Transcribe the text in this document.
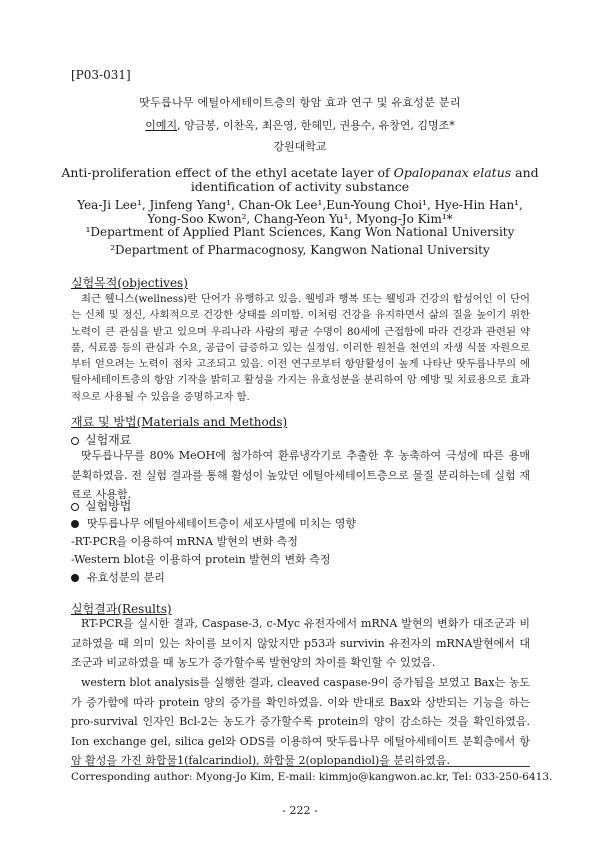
[P03-031]
땃두릅나무 에틸아세테이트층의 항암 효과 연구 및 유효성분 분리
이예지, 양금봉, 이찬옥, 최은영, 한혜민, 권용수, 유창연, 김명조*
강원대학교
Anti-proliferation effect of the ethyl acetate layer of Opalopanax elatus and
identification of activity substance
Yea-Ji Lee¹, Jinfeng Yang¹, Chan-Ok Lee¹,Eun-Young Choi¹, Hye-Hin Han¹,
Yong-Soo Kwon², Chang-Yeon Yu¹, Myong-Jo Kim¹*
¹Department of Applied Plant Sciences, Kang Won National University
²Department of Pharmacognosy, Kangwon National University
실험목적(objectives)
최근 웰니스(wellness)란 단어가 유행하고 있음. 웰빙과 행복 또는 웰빙과 건강의 합성어인 이 단어는 신체 및 정신, 사회적으로 건강한 상태를 의미함. 이처럼 건강을 유지하면서 삶의 질을 높이기 위한 노력이 큰 관심을 받고 있으며 우리나라 사람의 평균 수명이 80세에 근접함에 따라 건강과 관련된 약품, 식료품 등의 관심과 수요, 공급이 급증하고 있는 실정임. 이러한 원천을 천연의 자생 식물 자원으로부터 얻으려는 노력이 점차 고조되고 있음. 이전 연구로부터 항암활성이 높게 나타난 땃두릅나무의 에틸아세테이트층의 항암 기작을 밝히고 활성을 가지는 유효성분을 분리하여 암 예방 및 치료용으로 효과적으로 사용될 수 있음을 증명하고자 함.
재료 및 방법(Materials and Methods)
실험재료
땃두릅나무를 80% MeOH에 첨가하여 환류냉각기로 추출한 후 농축하여 극성에 따른 용매 분획하였음. 전 실험 결과를 통해 활성이 높았던 에틸아세테이트층으로 물질 분리하는데 실험 재료로 사용함.
실험방법
땃두릅나무 에틸아세테이트층이 세포사멸에 미치는 영향
-RT-PCR을 이용하여 mRNA 발현의 변화 측정
-Western blot을 이용하여 protein 발현의 변화 측정
유효성분의 분리
실험결과(Results)
RT-PCR을 실시한 결과, Caspase-3, c-Myc 유전자에서 mRNA 발현의 변화가 대조군과 비교하였을 때 의미 있는 차이를 보이지 않았지만 p53과 survivin 유전자의 mRNA발현에서 대조군과 비교하였을 때 농도가 증가할수록 발현양의 차이를 확인할 수 있었음.
western blot analysis를 실행한 결과, cleaved caspase-9이 증가됨을 보였고 Bax는 농도가 증가함에 따라 protein 양의 증가를 확인하였음. 이와 반대로 Bax와 상반되는 기능을 하는 pro-survival 인자인 Bcl-2는 농도가 증가할수록 protein의 양이 감소하는 것을 확인하였음. Ion exchange gel, silica gel와 ODS를 이용하여 땃두릅나무 에틸아세테이트 분획층에서 항암 활성을 가진 화합물1(falcarindiol), 화합물 2(oplopandiol)을 분리하였음.
Corresponding author: Myong-Jo Kim, E-mail: kimmjo@kangwon.ac.kr, Tel: 033-250-6413.
- 222 -
